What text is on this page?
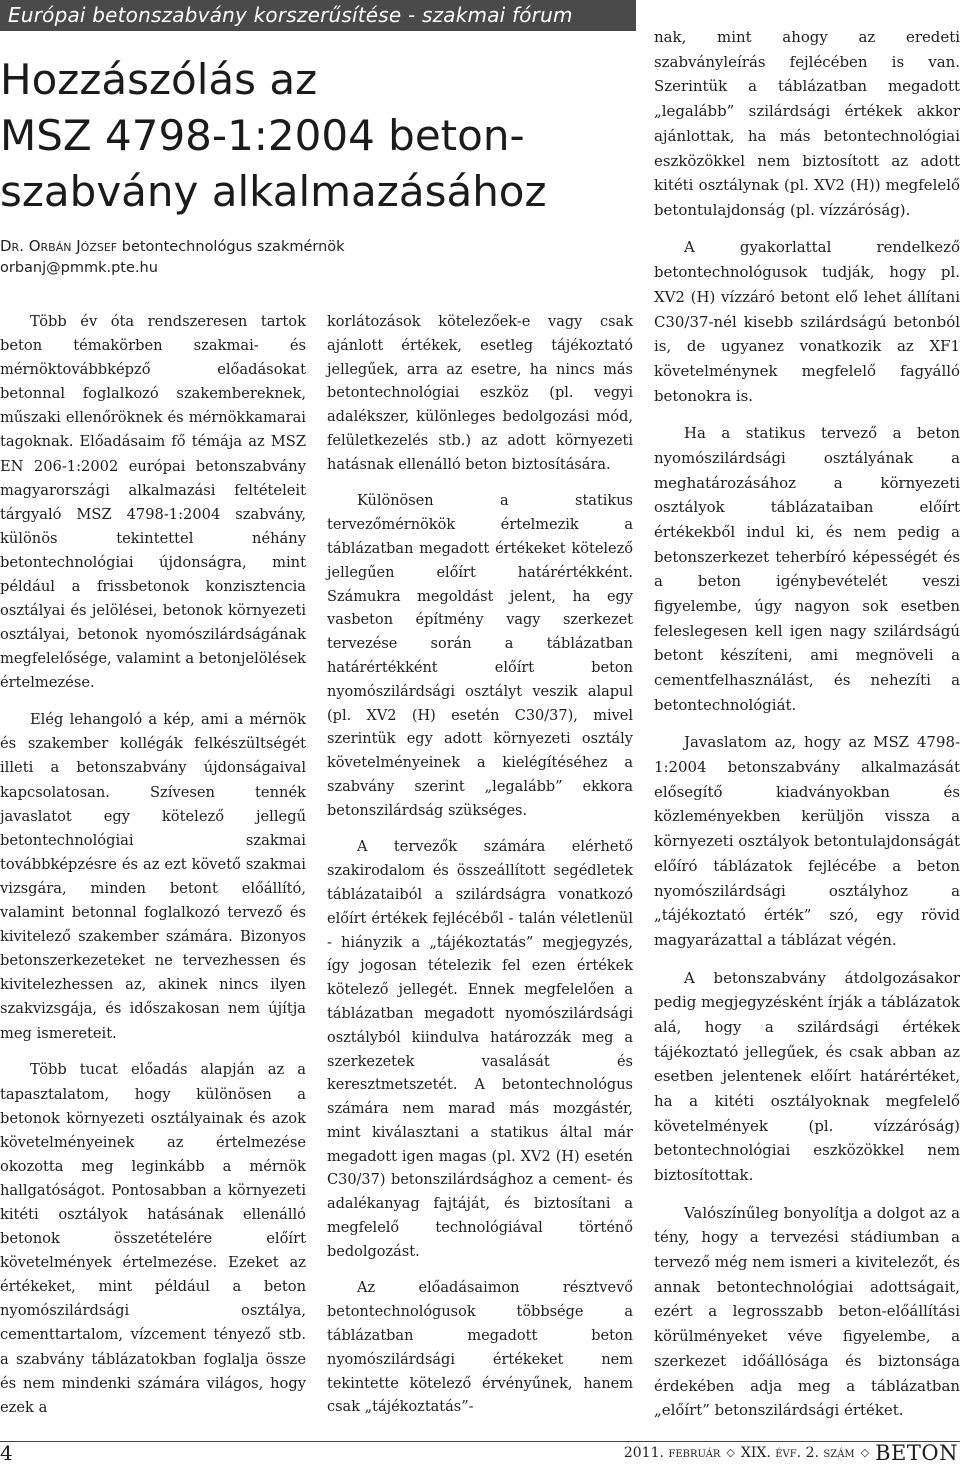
Európai betonszabvány korszerűsítése - szakmai fórum
Hozzászólás az
MSZ 4798-1:2004 beton-
szabvány alkalmazásához
Dr. Orbán József betontechnológus szakmérnök
orbanj@pmmk.pte.hu

Több év óta rendszeresen tartok beton témakörben szakmai- és mérnöktovábbképző előadásokat betonnal foglalkozó szakembereknek, műszaki ellenőröknek és mérnökkamarai tagoknak. Előadásaim fő témája az MSZ EN 206-1:2002 európai betonszabvány magyarországi alkalmazási feltételeit tárgyaló MSZ 4798-1:2004 szabvány, különös tekintettel néhány betontechnológiai újdonságra, mint például a frissbetonok konzisztencia osztályai és jelölései, betonok környezeti osztályai, betonok nyomószilárdságának megfelelősége, valamint a betonjelölések értelmezése.

Elég lehangoló a kép, ami a mérnök és szakember kollégák felkészültségét illeti a betonszabvány újdonságaival kapcsolatosan. Szívesen tennék javaslatot egy kötelező jellegű betontechnológiai szakmai továbbképzésre és az ezt követő szakmai vizsgára, minden betont előállító, valamint betonnal foglalkozó tervező és kivitelező szakember számára. Bizonyos betonszerkezeteket ne tervezhessen és kivitelezhessen az, akinek nincs ilyen szakvizsgája, és időszakosan nem újítja meg ismereteit.

Több tucat előadás alapján az a tapasztalatom, hogy különösen a betonok környezeti osztályainak és azok követelményeinek az értelmezése okozotta meg leginkább a mérnök hallgatóságot. Pontosabban a környezeti kitéti osztályok hatásának ellenálló betonok összetételére előírt követelmények értelmezése. Ezeket az értékeket, mint például a beton nyomószilárdsági osztálya, cementtartalom, vízcement tényező stb. a szabvány táblázatokban foglalja össze és nem mindenki számára világos, hogy ezek a

korlátozások kötelezőek-e vagy csak ajánlott értékek, esetleg tájékoztató jellegűek, arra az esetre, ha nincs más betontechnológiai eszköz (pl. vegyi adalékszer, különleges bedolgozási mód, felületkezelés stb.) az adott környezeti hatásnak ellenálló beton biztosítására.

Különösen a statikus tervezőmérnökök értelmezik a táblázatban megadott értékeket kötelező jellegűen előírt határértékként. Számukra megoldást jelent, ha egy vasbeton építmény vagy szerkezet tervezése során a táblázatban határértékként előírt beton nyomószilárdsági osztályt veszik alapul (pl. XV2 (H) esetén C30/37), mivel szerintük egy adott környezeti osztály követelményeinek a kielégítéséhez a szabvány szerint „legalább” ekkora betonszilárdság szükséges.

A tervezők számára elérhető szakirodalom és összeállított segédletek táblázataiból a szilárdságra vonatkozó előírt értékek fejlécéből - talán véletlenül - hiányzik a „tájékoztatás” megjegyzés, így jogosan tételezik fel ezen értékek kötelező jellegét. Ennek megfelelően a táblázatban megadott nyomószilárdsági osztályból kiindulva határozzák meg a szerkezetek vasalását és keresztmetszetét. A betontechnológus számára nem marad más mozgástér, mint kiválasztani a statikus által már megadott igen magas (pl. XV2 (H) esetén C30/37) betonszilárdsághoz a cement- és adalékanyag fajtáját, és biztosítani a megfelelő technológiával történő bedolgozást.

Az előadásaimon résztvevő betontechnológusok többsége a táblázatban megadott beton nyomószilárdsági értékeket nem tekintette kötelező érvényűnek, hanem csak „tájékoztatás”-

nak, mint ahogy az eredeti szabványleírás fejlécében is van. Szerintük a táblázatban megadott „legalább” szilárdsági értékek akkor ajánlottak, ha más betontechnológiai eszközökkel nem biztosított az adott kitéti osztálynak (pl. XV2 (H)) megfelelő betontulajdonság (pl. vízzáróság).

A gyakorlattal rendelkező betontechnológusok tudják, hogy pl. XV2 (H) vízzáró betont elő lehet állítani C30/37-nél kisebb szilárdságú betonból is, de ugyanez vonatkozik az XF1 követelménynek megfelelő fagyálló betonokra is.

Ha a statikus tervező a beton nyomószilárdsági osztályának a meghatározásához a környezeti osztályok táblázataiban előírt értékekből indul ki, és nem pedig a betonszerkezet teherbíró képességét és a beton igénybevételét veszi figyelembe, úgy nagyon sok esetben feleslegesen kell igen nagy szilárdságú betont készíteni, ami megnöveli a cementfelhasználást, és nehezíti a betontechnológiát.

Javaslatom az, hogy az MSZ 4798-1:2004 betonszabvány alkalmazását elősegítő kiadványokban és közleményekben kerüljön vissza a környezeti osztályok betontulajdonságát előíró táblázatok fejlécébe a beton nyomószilárdsági osztályhoz a „tájékoztató érték” szó, egy rövid magyarázattal a táblázat végén.

A betonszabvány átdolgozásakor pedig megjegyzésként írják a táblázatok alá, hogy a szilárdsági értékek tájékoztató jellegűek, és csak abban az esetben jelentenek előírt határértéket, ha a kitéti osztályoknak megfelelő követelmények (pl. vízzáróság) betontechnológiai eszközökkel nem biztosítottak.

Valószínűleg bonyolítja a dolgot az a tény, hogy a tervezési stádiumban a tervező még nem ismeri a kivitelezőt, és annak betontechnológiai adottságait, ezért a legrosszabb beton-előállítási körülményeket véve figyelembe, a szerkezet időállósága és biztonsága érdekében adja meg a táblázatban „előírt” betonszilárdsági értéket.

4	2011. február ◇ XIX. évf. 2. szám ◇ BETON
